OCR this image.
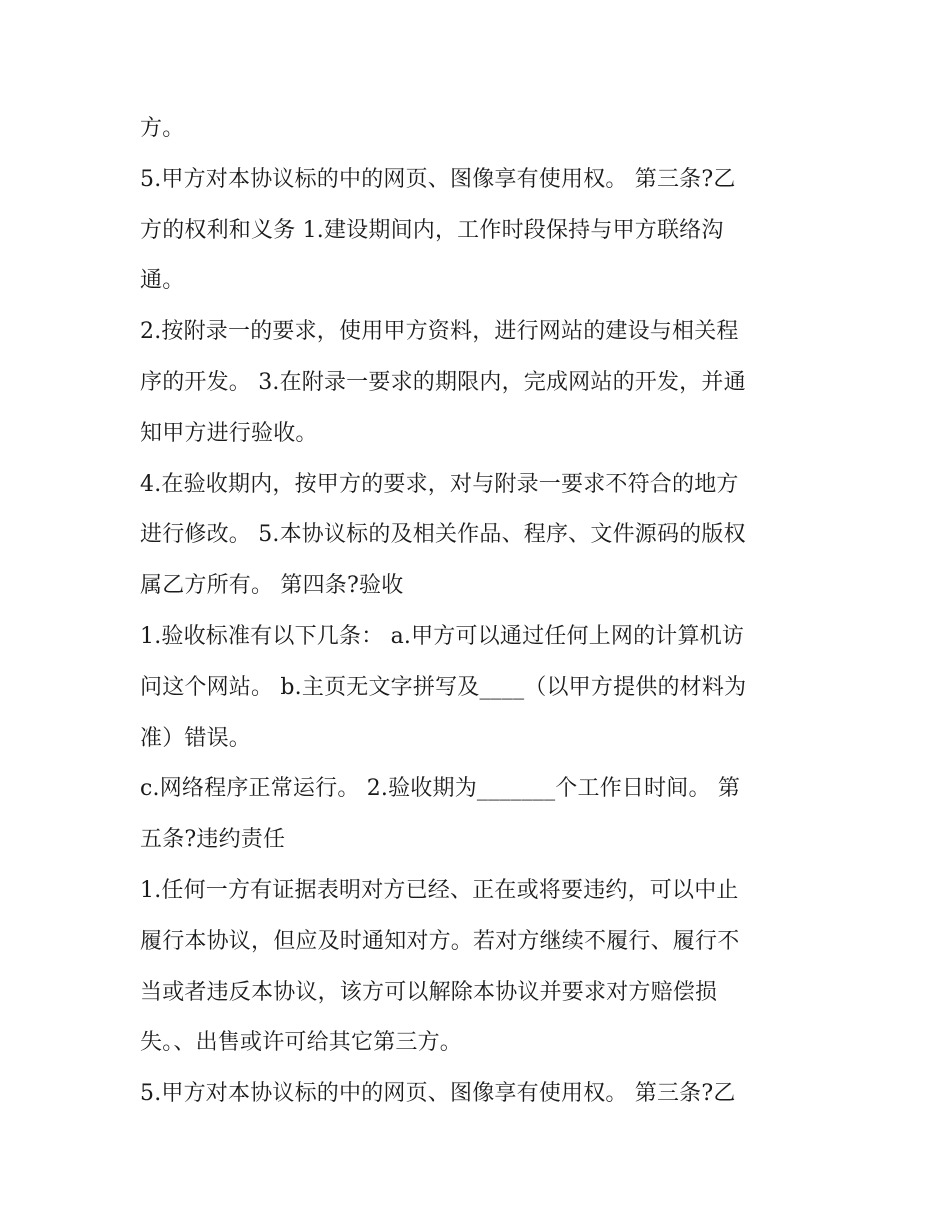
方。
5.甲方对本协议标的中的网页、图像享有使用权。 第三条?乙
方的权利和义务 1.建设期间内，工作时段保持与甲方联络沟
通。
2.按附录一的要求，使用甲方资料，进行网站的建设与相关程
序的开发。 3.在附录一要求的期限内，完成网站的开发，并通
知甲方进行验收。
4.在验收期内，按甲方的要求，对与附录一要求不符合的地方
进行修改。 5.本协议标的及相关作品、程序、文件源码的版权
属乙方所有。 第四条?验收
1.验收标准有以下几条： a.甲方可以通过任何上网的计算机访
问这个网站。 b.主页无文字拼写及____（以甲方提供的材料为
准）错误。
c.网络程序正常运行。 2.验收期为_______个工作日时间。 第
五条?违约责任
1.任何一方有证据表明对方已经、正在或将要违约，可以中止
履行本协议，但应及时通知对方。若对方继续不履行、履行不
当或者违反本协议，该方可以解除本协议并要求对方赔偿损
失。、出售或许可给其它第三方。
5.甲方对本协议标的中的网页、图像享有使用权。 第三条?乙
